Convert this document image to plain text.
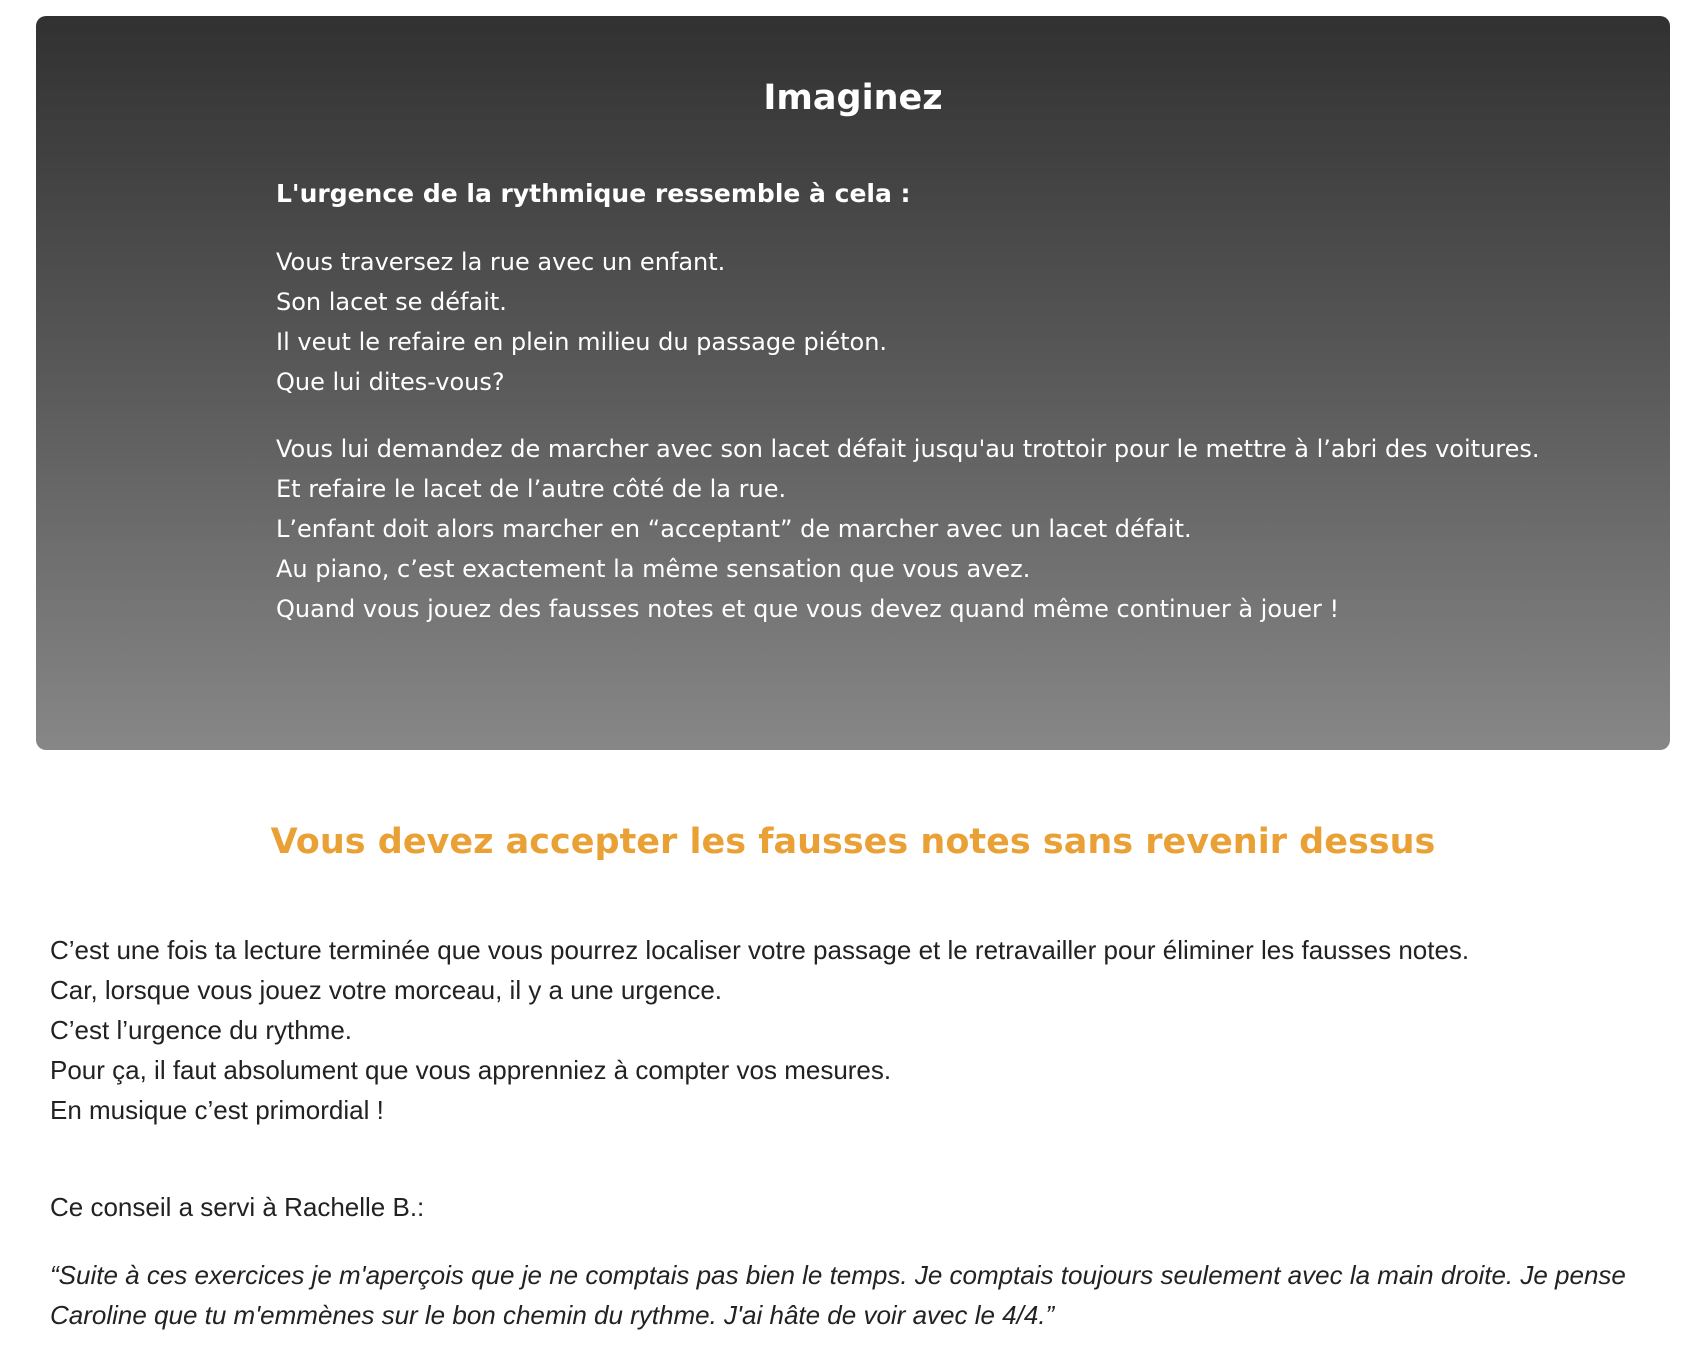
Imaginez

L'urgence de la rythmique ressemble à cela :

Vous traversez la rue avec un enfant.
Son lacet se défait.
Il veut le refaire en plein milieu du passage piéton.
Que lui dites-vous?

Vous lui demandez de marcher avec son lacet défait jusqu'au trottoir pour le mettre à l’abri des voitures.
Et refaire le lacet de l’autre côté de la rue.
L’enfant doit alors marcher en “acceptant” de marcher avec un lacet défait.
Au piano, c’est exactement la même sensation que vous avez.
Quand vous jouez des fausses notes et que vous devez quand même continuer à jouer !

Vous devez accepter les fausses notes sans revenir dessus

C’est une fois ta lecture terminée que vous pourrez localiser votre passage et le retravailler pour éliminer les fausses notes.
Car, lorsque vous jouez votre morceau, il y a une urgence.
C’est l’urgence du rythme.
Pour ça, il faut absolument que vous apprenniez à compter vos mesures.
En musique c’est primordial !

Ce conseil a servi à Rachelle B.:

“Suite à ces exercices je m'aperçois que je ne comptais pas bien le temps. Je comptais toujours seulement avec la main droite. Je pense Caroline que tu m'emmènes sur le bon chemin du rythme. J'ai hâte de voir avec le 4/4.”
